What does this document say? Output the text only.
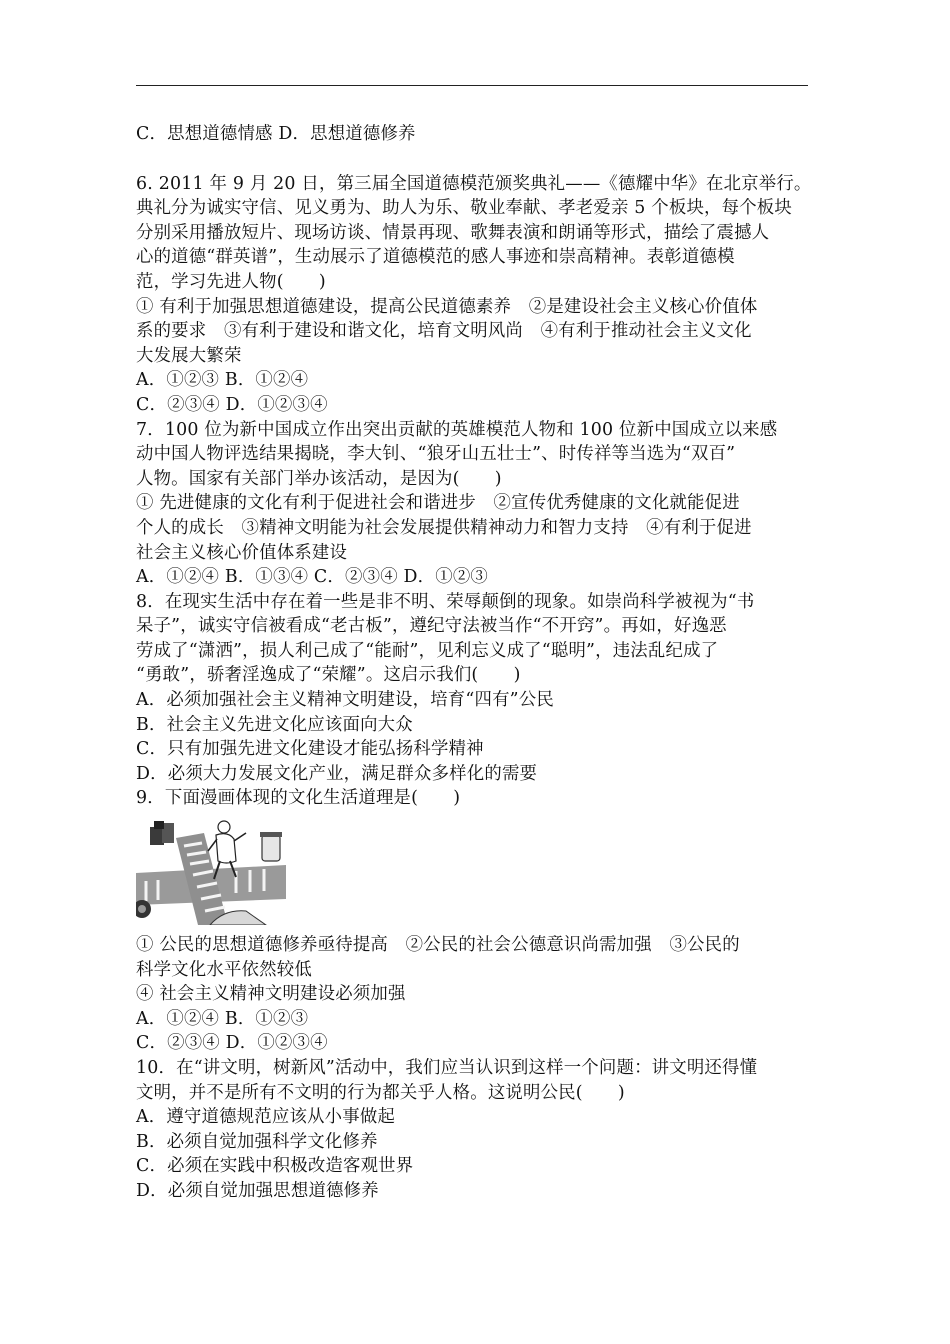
C．思想道德情感 D．思想道德修养
6. 2011 年 9 月 20 日，第三届全国道德模范颁奖典礼——《德耀中华》在北京举行。
典礼分为诚实守信、见义勇为、助人为乐、敬业奉献、孝老爱亲 5 个板块，每个板块
分别采用播放短片、现场访谈、情景再现、歌舞表演和朗诵等形式，描绘了震撼人
心的道德“群英谱”，生动展示了道德模范的感人事迹和崇高精神。表彰道德模
范，学习先进人物(　　)
① 有利于加强思想道德建设，提高公民道德素养　②是建设社会主义核心价值体
系的要求　③有利于建设和谐文化，培育文明风尚　④有利于推动社会主义文化
大发展大繁荣
A．①②③ B．①②④
C．②③④ D．①②③④
7．100 位为新中国成立作出突出贡献的英雄模范人物和 100 位新中国成立以来感
动中国人物评选结果揭晓，李大钊、“狼牙山五壮士”、时传祥等当选为“双百”
人物。国家有关部门举办该活动，是因为(　　)
① 先进健康的文化有利于促进社会和谐进步　②宣传优秀健康的文化就能促进
个人的成长　③精神文明能为社会发展提供精神动力和智力支持　④有利于促进
社会主义核心价值体系建设
A．①②④ B．①③④ C．②③④ D．①②③
8．在现实生活中存在着一些是非不明、荣辱颠倒的现象。如崇尚科学被视为“书
呆子”，诚实守信被看成“老古板”，遵纪守法被当作“不开窍”。再如，好逸恶
劳成了“潇洒”，损人利己成了“能耐”，见利忘义成了“聪明”，违法乱纪成了
“勇敢”，骄奢淫逸成了“荣耀”。这启示我们(　　)
A．必须加强社会主义精神文明建设，培育“四有”公民
B．社会主义先进文化应该面向大众
C．只有加强先进文化建设才能弘扬科学精神
D．必须大力发展文化产业，满足群众多样化的需要
9．下面漫画体现的文化生活道理是(　　)
① 公民的思想道德修养亟待提高　②公民的社会公德意识尚需加强　③公民的
科学文化水平依然较低
④ 社会主义精神文明建设必须加强
A．①②④ B．①②③
C．②③④ D．①②③④
10．在“讲文明，树新风”活动中，我们应当认识到这样一个问题：讲文明还得懂
文明，并不是所有不文明的行为都关乎人格。这说明公民(　　)
A．遵守道德规范应该从小事做起
B．必须自觉加强科学文化修养
C．必须在实践中积极改造客观世界
D．必须自觉加强思想道德修养
